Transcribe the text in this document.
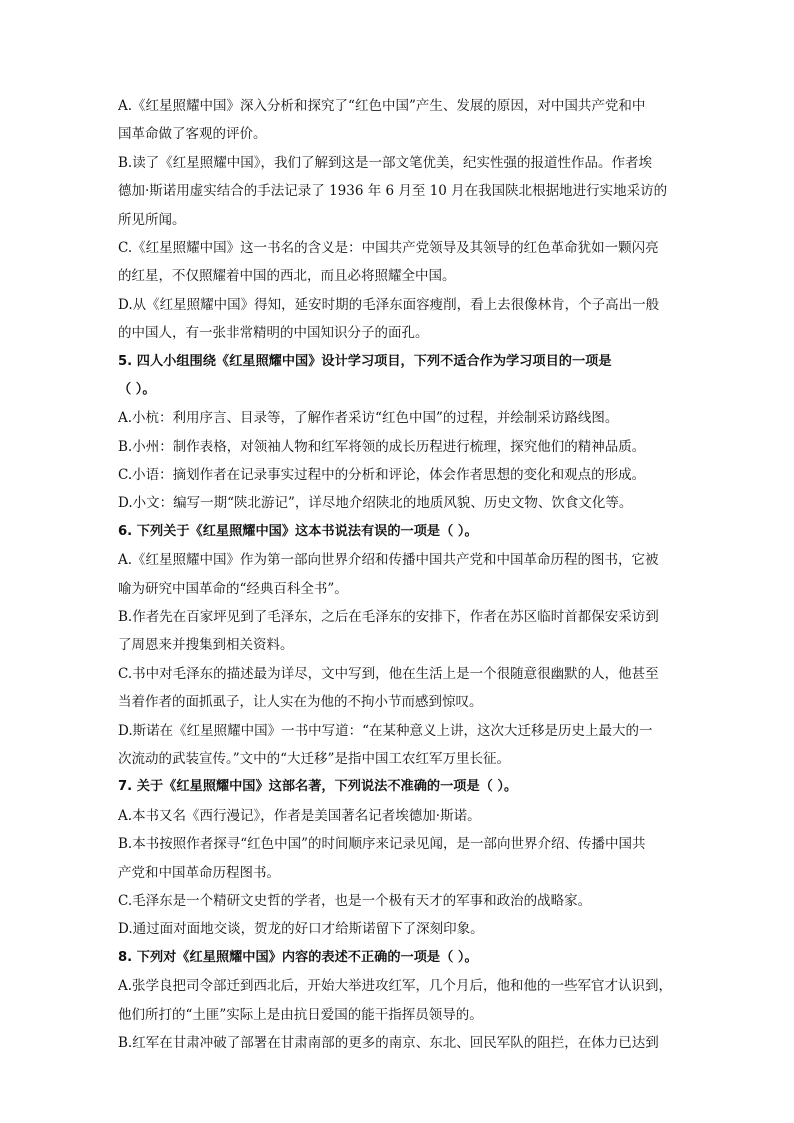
A.《红星照耀中国》深入分析和探究了“红色中国”产生、发展的原因，对中国共产党和中
国革命做了客观的评价。
B.读了《红星照耀中国》，我们了解到这是一部文笔优美，纪实性强的报道性作品。作者埃
德加·斯诺用虚实结合的手法记录了 1936 年 6 月至 10 月在我国陕北根据地进行实地采访的
所见所闻。
C.《红星照耀中国》这一书名的含义是：中国共产党领导及其领导的红色革命犹如一颗闪亮
的红星，不仅照耀着中国的西北，而且必将照耀全中国。
D.从《红星照耀中国》得知，延安时期的毛泽东面容瘦削，看上去很像林肯，个子高出一般
的中国人，有一张非常精明的中国知识分子的面孔。
5. 四人小组围绕《红星照耀中国》设计学习项目，下列不适合作为学习项目的一项是
（ ）。
A.小杭：利用序言、目录等，了解作者采访“红色中国”的过程，并绘制采访路线图。
B.小州：制作表格，对领袖人物和红军将领的成长历程进行梳理，探究他们的精神品质。
C.小语：摘划作者在记录事实过程中的分析和评论，体会作者思想的变化和观点的形成。
D.小文：编写一期“陕北游记”，详尽地介绍陕北的地质风貌、历史文物、饮食文化等。
6. 下列关于《红星照耀中国》这本书说法有误的一项是（ ）。
A.《红星照耀中国》作为第一部向世界介绍和传播中国共产党和中国革命历程的图书，它被
喻为研究中国革命的“经典百科全书”。
B.作者先在百家坪见到了毛泽东，之后在毛泽东的安排下，作者在苏区临时首都保安采访到
了周恩来并搜集到相关资料。
C.书中对毛泽东的描述最为详尽，文中写到，他在生活上是一个很随意很幽默的人，他甚至
当着作者的面抓虱子，让人实在为他的不拘小节而感到惊叹。
D.斯诺在《红星照耀中国》一书中写道：“在某种意义上讲，这次大迁移是历史上最大的一
次流动的武装宣传。”文中的“大迁移”是指中国工农红军万里长征。
7. 关于《红星照耀中国》这部名著，下列说法不准确的一项是（ ）。
A.本书又名《西行漫记》，作者是美国著名记者埃德加·斯诺。
B.本书按照作者探寻“红色中国”的时间顺序来记录见闻，是一部向世界介绍、传播中国共
产党和中国革命历程图书。
C.毛泽东是一个精研文史哲的学者，也是一个极有天才的军事和政治的战略家。
D.通过面对面地交谈，贺龙的好口才给斯诺留下了深刻印象。
8. 下列对《红星照耀中国》内容的表述不正确的一项是（ ）。
A.张学良把司令部迁到西北后，开始大举进攻红军，几个月后，他和他的一些军官才认识到，
他们所打的“土匪”实际上是由抗日爱国的能干指挥员领导的。
B.红军在甘肃冲破了部署在甘肃南部的更多的南京、东北、回民军队的阻拦，在体力已达到
